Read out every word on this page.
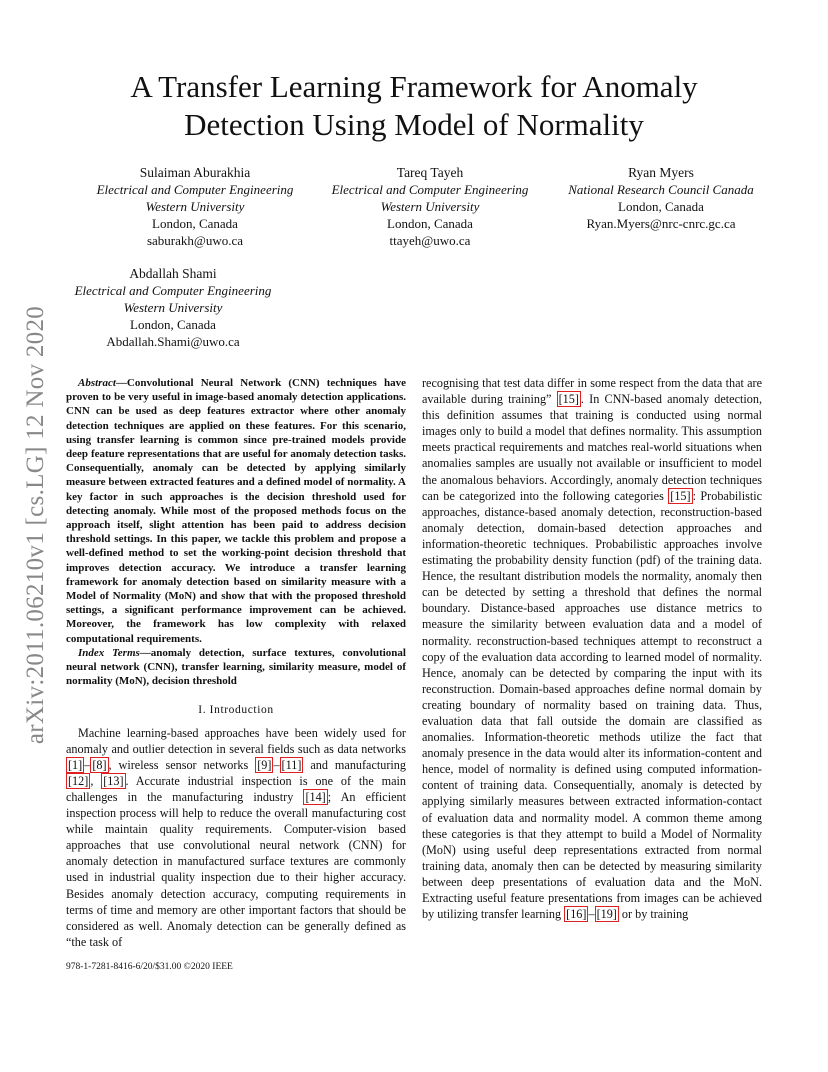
A Transfer Learning Framework for Anomaly
Detection Using Model of Normality
Sulaiman Aburakhia
Electrical and Computer Engineering
Western University
London, Canada
saburakh@uwo.ca
Tareq Tayeh
Electrical and Computer Engineering
Western University
London, Canada
ttayeh@uwo.ca
Ryan Myers
National Research Council Canada
London, Canada
Ryan.Myers@nrc-cnrc.gc.ca
Abdallah Shami
Electrical and Computer Engineering
Western University
London, Canada
Abdallah.Shami@uwo.ca
arXiv:2011.06210v1 [cs.LG] 12 Nov 2020	Abstract—Convolutional Neural Network (CNN) techniques have proven to be very useful in image-based anomaly detection applications. CNN can be used as deep features extractor where other anomaly detection techniques are applied on these features. For this scenario, using transfer learning is common since pre-trained models provide deep feature representations that are useful for anomaly detection tasks. Consequentially, anomaly can be detected by applying similarly measure between extracted features and a defined model of normality. A key factor in such approaches is the decision threshold used for detecting anomaly. While most of the proposed methods focus on the approach itself, slight attention has been paid to address decision threshold settings. In this paper, we tackle this problem and propose a well-defined method to set the working-point decision threshold that improves detection accuracy. We introduce a transfer learning framework for anomaly detection based on similarity measure with a Model of Normality (MoN) and show that with the proposed threshold settings, a significant performance improvement can be achieved. Moreover, the framework has low complexity with relaxed computational requirements.

Index Terms—anomaly detection, surface textures, convolutional neural network (CNN), transfer learning, similarity measure, model of normality (MoN), decision threshold

I. Introduction

Machine learning-based approaches have been widely used for anomaly and outlier detection in several fields such as data networks [1] – [8] , wireless sensor networks [9] – [11] and manufacturing [12] , [13] . Accurate industrial inspection is one of the main challenges in the manufacturing industry [14] ; An efficient inspection process will help to reduce the overall manufacturing cost while maintain quality requirements. Computer-vision based approaches that use convolutional neural network (CNN) for anomaly detection in manufactured surface textures are commonly used in industrial quality inspection due to their higher accuracy. Besides anomaly detection accuracy, computing requirements in terms of time and memory are other important factors that should be considered as well. Anomaly detection can be generally defined as “the task of

recognising that test data differ in some respect from the data that are available during training” [15] . In CNN-based anomaly detection, this definition assumes that training is conducted using normal images only to build a model that defines normality. This assumption meets practical requirements and matches real-world situations when anomalies samples are usually not available or insufficient to model the anomalous behaviors. Accordingly, anomaly detection techniques can be categorized into the following categories [15] : Probabilistic approaches, distance-based anomaly detection, reconstruction-based anomaly detection, domain-based detection approaches and information-theoretic techniques. Probabilistic approaches involve estimating the probability density function (pdf) of the training data. Hence, the resultant distribution models the normality, anomaly then can be detected by setting a threshold that defines the normal boundary. Distance-based approaches use distance metrics to measure the similarity between evaluation data and a model of normality. reconstruction-based techniques attempt to reconstruct a copy of the evaluation data according to learned model of normality. Hence, anomaly can be detected by comparing the input with its reconstruction. Domain-based approaches define normal domain by creating boundary of normality based on training data. Thus, evaluation data that fall outside the domain are classified as anomalies. Information-theoretic methods utilize the fact that anomaly presence in the data would alter its information-content and hence, model of normality is defined using computed information-content of training data. Consequentially, anomaly is detected by applying similarly measures between extracted information-contact of evaluation data and normality model. A common theme among these categories is that they attempt to build a Model of Normality (MoN) using useful deep representations extracted from normal training data, anomaly then can be detected by measuring similarity between deep presentations of evaluation data and the MoN. Extracting useful feature presentations from images can be achieved by utilizing transfer learning [16] – [19] or by training

978-1-7281-8416-6/20/$31.00 ©2020 IEEE
